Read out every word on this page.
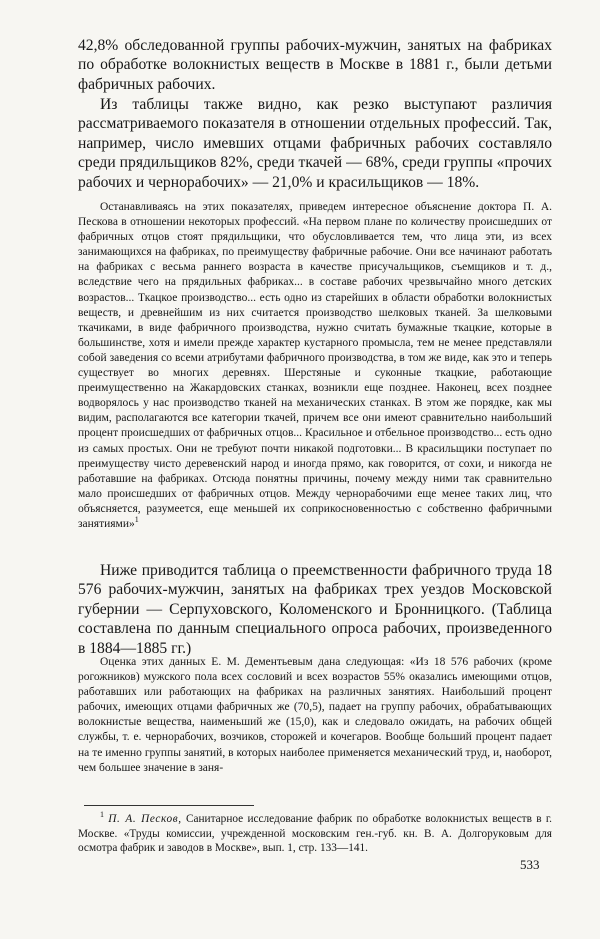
42,8% обследованной группы рабочих-мужчин, занятых на фабриках по обработке волокнистых веществ в Москве в 1881 г., были детьми фабричных рабочих.

Из таблицы также видно, как резко выступают различия рассматриваемого показателя в отношении отдельных профессий. Так, например, число имевших отцами фабричных рабочих составляло среди прядильщиков 82%, среди ткачей — 68%, среди группы «прочих рабочих и чернорабочих» — 21,0% и красильщиков — 18%.

Останавливаясь на этих показателях, приведем интересное объяснение доктора П. А. Пескова в отношении некоторых профессий. «На первом плане по количеству происшедших от фабричных отцов стоят прядильщики, что обусловливается тем, что лица эти, из всех занимающихся на фабриках, по преимуществу фабричные рабочие. Они все начинают работать на фабриках с весьма раннего возраста в качестве присучальщиков, съемщиков и т. д., вследствие чего на прядильных фабриках... в составе рабочих чрезвычайно много детских возрастов... Ткацкое производство... есть одно из старейших в области обработки волокнистых веществ, и древнейшим из них считается производство шелковых тканей. За шелковыми ткачиками, в виде фабричного производства, нужно считать бумажные ткацкие, которые в большинстве, хотя и имели прежде характер кустарного промысла, тем не менее представляли собой заведения со всеми атрибутами фабричного производства, в том же виде, как это и теперь существует во многих деревнях. Шерстяные и суконные ткацкие, работающие преимущественно на Жакардовских станках, возникли еще позднее. Наконец, всех позднее водворялось у нас производство тканей на механических станках. В этом же порядке, как мы видим, располагаются все категории ткачей, причем все они имеют сравнительно наибольший процент происшедших от фабричных отцов... Красильное и отбельное производство... есть одно из самых простых. Они не требуют почти никакой подготовки... В красильщики поступает по преимуществу чисто деревенский народ и иногда прямо, как говорится, от сохи, и никогда не работавшие на фабриках. Отсюда понятны причины, почему между ними так сравнительно мало происшедших от фабричных отцов. Между чернорабочими еще менее таких лиц, что объясняется, разумеется, еще меньшей их соприкосновенностью с собственно фабричными занятиями»$^1$

Ниже приводится таблица о преемственности фабричного труда 18 576 рабочих-мужчин, занятых на фабриках трех уездов Московской губернии — Серпуховского, Коломенского и Бронницкого. (Таблица составлена по данным специального опроса рабочих, произведенного в 1884—1885 гг.)

Оценка этих данных Е. М. Дементьевым дана следующая: «Из 18 576 рабочих (кроме рогожников) мужского пола всех сословий и всех возрастов 55% оказались имеющими отцов, работавших или работающих на фабриках на различных занятиях. Наибольший процент рабочих, имеющих отцами фабричных же (70,5), падает на группу рабочих, обрабатывающих волокнистые вещества, наименьший же (15,0), как и следовало ожидать, на рабочих общей службы, т. е. чернорабочих, возчиков, сторожей и кочегаров. Вообще больший процент падает на те именно группы занятий, в которых наиболее применяется механический труд, и, наоборот, чем большее значение в заня-

$^1$ П. А. Песков, Санитарное исследование фабрик по обработке волокнистых веществ в г. Москве. «Труды комиссии, учрежденной московским ген.-губ. кн. В. А. Долгоруковым для осмотра фабрик и заводов в Москве», вып. 1, стр. 133—141.

533
